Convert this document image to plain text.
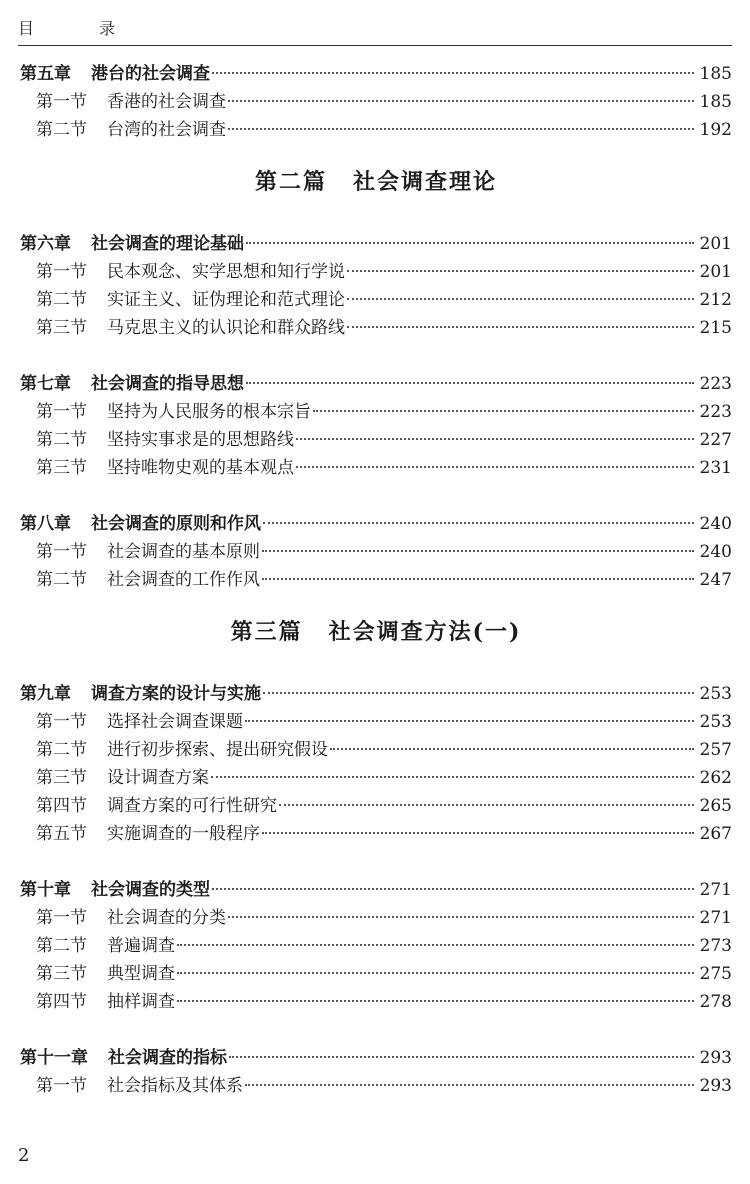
目 录
第五章 港台的社会调查	185
第一节 香港的社会调查	185
第二节 台湾的社会调查	192
第二篇 社会调查理论
第六章 社会调查的理论基础	201
第一节 民本观念、实学思想和知行学说	201
第二节 实证主义、证伪理论和范式理论	212
第三节 马克思主义的认识论和群众路线	215
第七章 社会调查的指导思想	223
第一节 坚持为人民服务的根本宗旨	223
第二节 坚持实事求是的思想路线	227
第三节 坚持唯物史观的基本观点	231
第八章 社会调查的原则和作风	240
第一节 社会调查的基本原则	240
第二节 社会调查的工作作风	247
第三篇 社会调查方法(一)
第九章 调查方案的设计与实施	253
第一节 选择社会调查课题	253
第二节 进行初步探索、提出研究假设	257
第三节 设计调查方案	262
第四节 调查方案的可行性研究	265
第五节 实施调查的一般程序	267
第十章 社会调查的类型	271
第一节 社会调查的分类	271
第二节 普遍调查	273
第三节 典型调查	275
第四节 抽样调查	278
第十一章 社会调查的指标	293
第一节 社会指标及其体系	293
2
